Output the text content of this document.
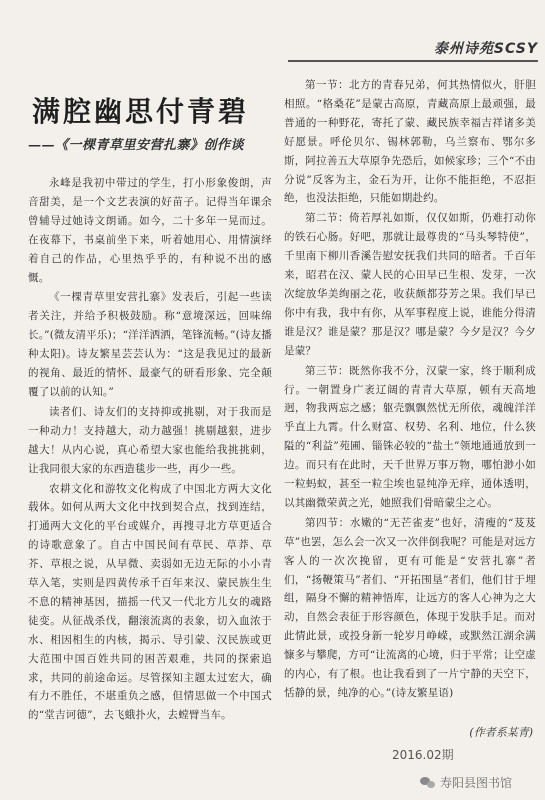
泰州诗苑SCSY
满腔幽思付青碧
——《一棵青草里安营扎寨》创作谈

永峰是我初中带过的学生，打小形象俊朗，声音甜美，是一个文艺表演的好苗子。记得当年课余曾辅导过她诗文朗诵。如今，二十多年一晃而过。在夜幕下，书桌前坐下来，听着她用心、用情演绎着自己的作品，心里热乎乎的，有种说不出的感慨。

《一棵青草里安营扎寨》发表后，引起一些读者关注，并给予积极鼓励。称“意境深远，回味绵长。”(微友清平乐)；“洋洋洒洒，笔锋流畅。”(诗友播种太阳)。诗友繁星芸芸认为：“这是我见过的最新的视角、最近的情怀、最豪气的研看形象、完全颠覆了以前的认知。”

读者们、诗友们的支持抑或挑剔，对于我而是一种动力！支持越大，动力越强！挑剔越狠，进步越大！从内心说，真心希望大家也能给我挑挑刺，让我同很大家的东西造毯步一些，再少一些。

农耕文化和游牧文化构成了中国北方两大文化载体。如何从两大文化中找到契合点，找到连结，打通两大文化的平台或媒介，再搜寻北方草更适合的诗歌意象了。自古中国民间有草民、草莽、草芥、草根之说，从早微、卖弱如无边无际的小小青草入笔，实则是四黄传承千百年来汉、蒙民族生生不息的精神基因，描摇一代又一代北方儿女的魂路徒变。从征战杀伐，翻滚流离的表象，切入血浓于水、相因相生的内核，揭示、导引蒙、汉民族或更大范围中国百姓共同的困苦艰难，共同的探索追求，共同的前途命运。尽管探知主题太过宏大，确有力不胜任，不堪重负之感，但情思做一个中国式的“堂吉诃德”，去飞蛾扑火，去螳臂当车。

第一节：北方的青春兄弟，何其热情似火，肝胆相照。“格桑花”是蒙古高原，青藏高原上最顽强，最普通的一种野花，寄托了蒙、藏民族幸福吉祥诸多美好愿景。呼伦贝尔、锡林郭勒，乌兰察布、鄂尔多斯，阿拉善五大草原争先恐后，如候家珍；三个“不由分说”反客为主，金石为开，让你不能拒绝，不忍拒绝，也没法拒绝，只能如期赴约。

第二节：倚若厚礼如斯，仅仅如斯，仍难打动你的铁石心肠。好吧，那就让最尊贵的“马头琴特使”，千里南下柳川香溪告慰安抚我们共同的暗者。千百年来，昭君在汉、蒙人民的心田早已生根、发芽，一次次绽放华美绚丽之花，收获颇都芬芳之果。我们早已你中有我，我中有你，从军事程度上说，谁能分得清谁是汉？谁是蒙？那是汉？哪是蒙？今夕是汉？今夕是蒙？

第三节：既然你我不分，汉蒙一家，终于顺利成行。一朝置身广袤辽阔的青青大草原，顿有天高地迥，物我两忘之感；躯壳飘飘然忧无所依，魂魄洋洋乎直上九霄。什么财富、权势、名利、地位，什么狭隘的“利益”苑圃、锱铢必较的“盐土”领地通通放到一边。而只有在此时，天千世界万事万物，哪怕渺小如一粒蚂蚁，甚至一粒尘埃也显纯净无痒，通体透明，以其幽微荣黄之光，她照我们骨暗蒙尘之心。

第四节：水嫩的“无芒雀麦”也好，清瘦的“芨芨草”也罢，怎么会一次又一次伴倒我呢？可能是对远方客人的一次次挽留，更有可能是“安营扎寨”者们，“扬鞭策马”者们、“开拓围垦”者们，他们甘于埋组，隔身不懈的精神悟库，让远方的客人心神为之大动，自然会表征于形容颜色，体现于发肤手足。而对此情此景，或投身新一轮岁月峥嵘，或默然江湖余满慷多与攀爬，方可“让流离的心境，归于平常；让空虚的内心，有了根。也让我看到了一片宁静的天空下，恬静的景，纯净的心。”(诗友繁星语)

(作者系某青)
2016.02期
寿阳县图书馆
